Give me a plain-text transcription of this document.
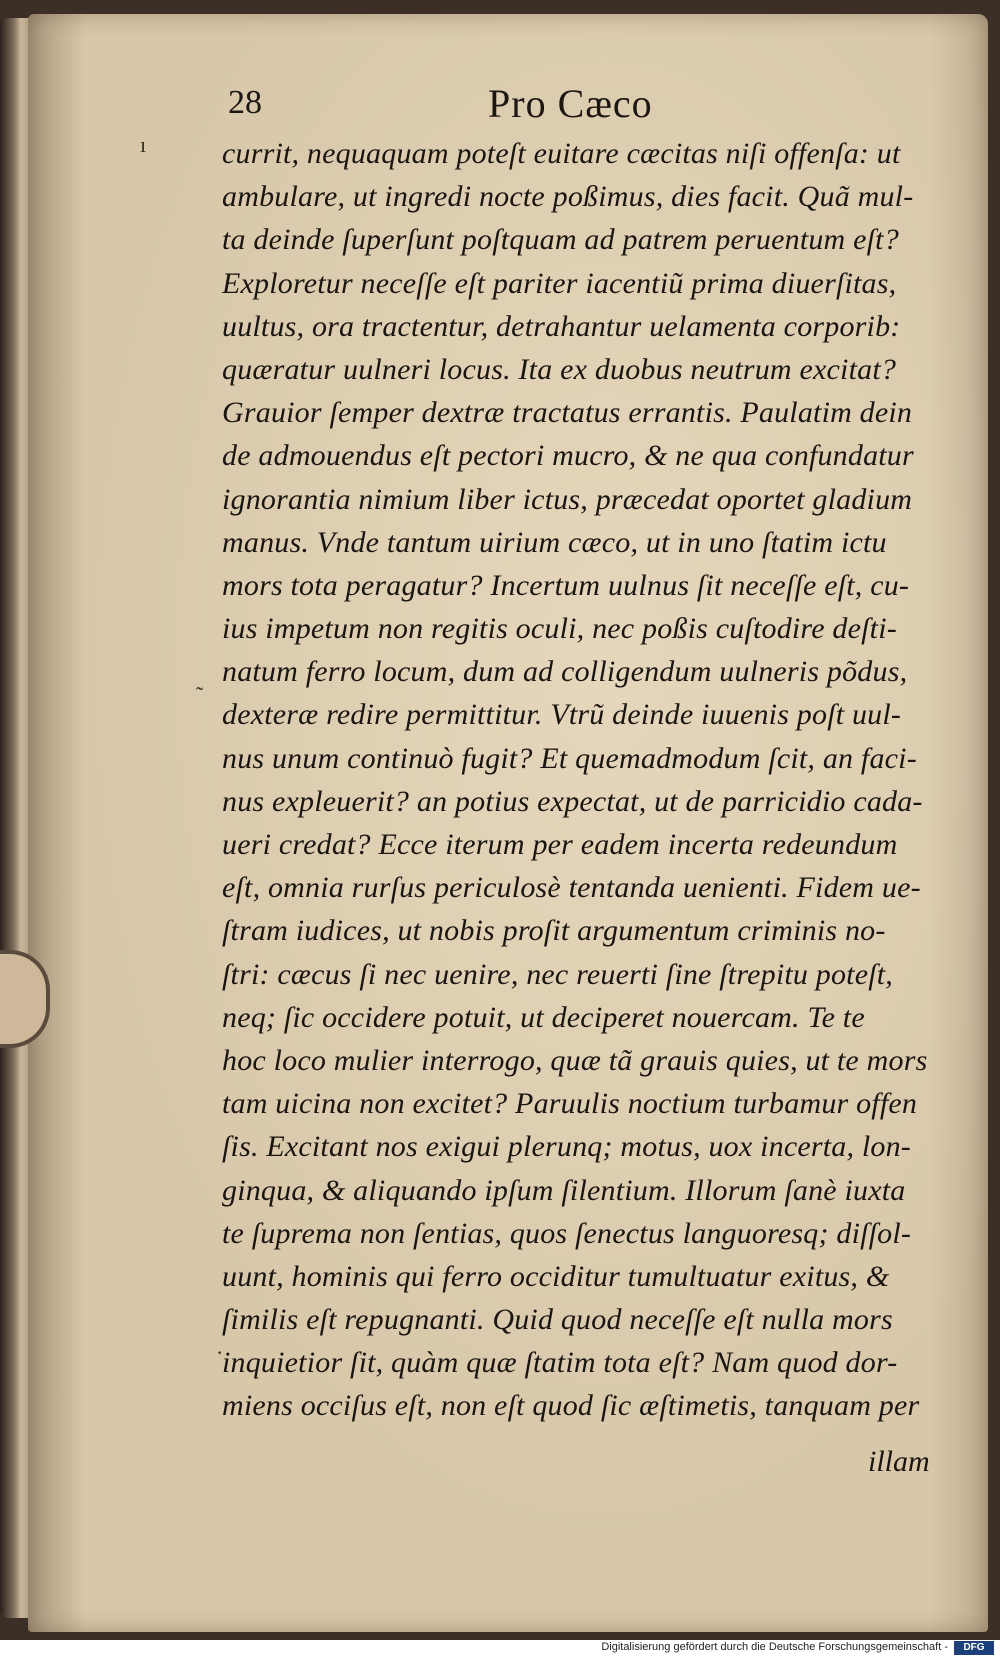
ı
˜
·
28	Pro Cæco
currit, nequaquam poteſt euitare cæcitas niſi offenſa: ut
ambulare, ut ingredi nocte poßimus, dies facit. Quã mul-
ta deinde ſuperſunt poſtquam ad patrem peruentum eſt?
Exploretur neceſſe eſt pariter iacentiũ prima diuerſitas,
uultus, ora tractentur, detrahantur uelamenta corporib:
quæratur uulneri locus. Ita ex duobus neutrum excitat?
Grauior ſemper dextræ tractatus errantis. Paulatim dein
de admouendus eſt pectori mucro, & ne qua confundatur
ignorantia nimium liber ictus, præcedat oportet gladium
manus. Vnde tantum uirium cæco, ut in uno ſtatim ictu
mors tota peragatur? Incertum uulnus ſit neceſſe eſt, cu-
ius impetum non regitis oculi, nec poßis cuſtodire deſti-
natum ferro locum, dum ad colligendum uulneris põdus,
dexteræ redire permittitur. Vtrũ deinde iuuenis poſt uul-
nus unum continuò fugit? Et quemadmodum ſcit, an faci-
nus expleuerit? an potius expectat, ut de parricidio cada-
ueri credat? Ecce iterum per eadem incerta redeundum
eſt, omnia rurſus periculosè tentanda uenienti. Fidem ue-
ſtram iudices, ut nobis proſit argumentum criminis no-
ſtri: cæcus ſi nec uenire, nec reuerti ſine ſtrepitu poteſt,
neq; ſic occidere potuit, ut deciperet nouercam. Te te
hoc loco mulier interrogo, quæ tã grauis quies, ut te mors
tam uicina non excitet? Paruulis noctium turbamur offen
ſis. Excitant nos exigui plerunq; motus, uox incerta, lon-
ginqua, & aliquando ipſum ſilentium. Illorum ſanè iuxta
te ſuprema non ſentias, quos ſenectus languoresq; diſſol-
uunt, hominis qui ferro occiditur tumultuatur exitus, &
ſimilis eſt repugnanti. Quid quod neceſſe eſt nulla mors
inquietior ſit, quàm quæ ſtatim tota eſt? Nam quod dor-
miens occiſus eſt, non eſt quod ſic æſtimetis, tanquam per
illam
Digitalisierung gefördert durch die Deutsche Forschungsgemeinschaft -	DFG
